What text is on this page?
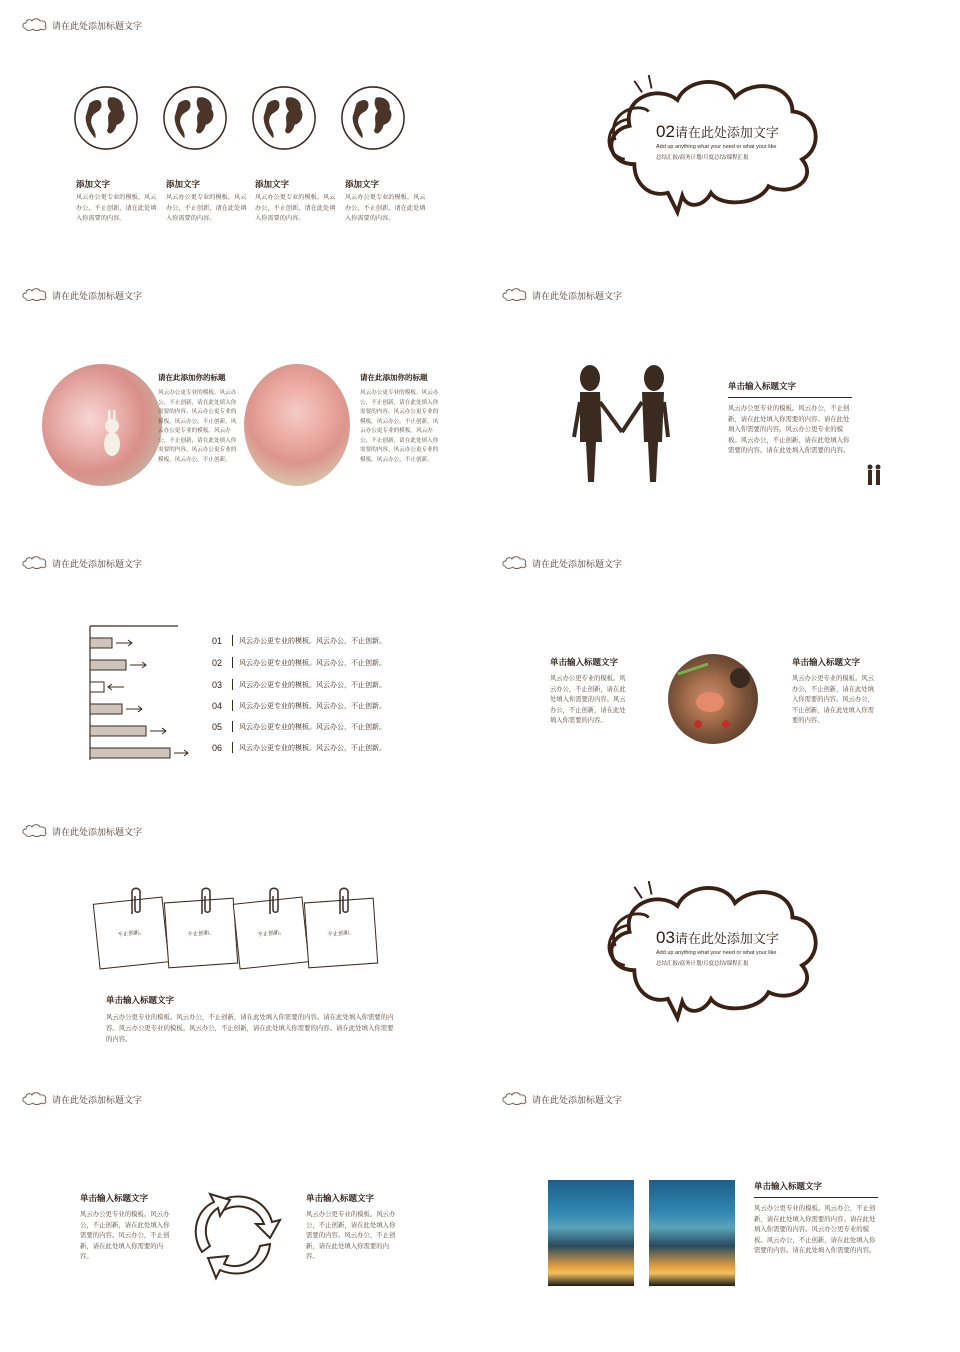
请在此处添加标题文字
添加文字
风云办公更专业的模板。风云办公，不止创新，请在此处填入你需要的内容。
添加文字
风云办公更专业的模板。风云办公，不止创新，请在此处填入你需要的内容。
添加文字
风云办公更专业的模板。风云办公，不止创新，请在此处填入你需要的内容。
添加文字
风云办公更专业的模板。风云办公，不止创新，请在此处填入你需要的内容。
02请在此处添加文字
Add up anything what your need or what your like
总结汇报/商务计划/月度总结/课程汇报
请在此处添加标题文字
请在此添加你的标题
风云办公更专业的模板。风云办公，不止创新，请在此处填入你需要的内容。风云办公更专业的模板。风云办公，不止创新，风云办公更专业的模板。风云办公，不止创新，请在此处填入你需要的内容。风云办公更专业的模板。风云办公，不止创新。
请在此添加你的标题
风云办公更专业的模板。风云办公，不止创新，请在此处填入你需要的内容。风云办公更专业的模板。风云办公，不止创新，风云办公更专业的模板。风云办公，不止创新，请在此处填入你需要的内容。风云办公更专业的模板。风云办公，不止创新。
请在此处添加标题文字
单击输入标题文字
风云办公更专业的模板。风云办公，不止创新，请在此处填入你需要的内容。请在此处填入你需要的内容。风云办公更专业的模板。风云办公，不止创新，请在此处填入你需要的内容。请在此处填入你需要的内容。
请在此处添加标题文字
01	风云办公更专业的模板。风云办公，不止创新。
02	风云办公更专业的模板。风云办公，不止创新。
03	风云办公更专业的模板。风云办公，不止创新。
04	风云办公更专业的模板。风云办公，不止创新。
05	风云办公更专业的模板。风云办公，不止创新。
06	风云办公更专业的模板。风云办公，不止创新。
请在此处添加标题文字
单击输入标题文字
风云办公更专业的模板。风云办公，不止创新，请在此处填入你需要的内容。风云办公，不止创新，请在此处填入你需要的内容。
单击输入标题文字
风云办公更专业的模板。风云办公，不止创新，请在此处填入你需要的内容。风云办公，不止创新，请在此处填入你需要的内容。
请在此处添加标题文字
不止创新。	不止创新。	不止创新。	不止创新。
单击输入标题文字
风云办公更专业的模板。风云办公，不止创新，请在此处填入你需要的内容。请在此处填入你需要的内容。风云办公更专业的模板。风云办公，不止创新，请在此处填入你需要的内容。请在此处填入你需要的内容。
03请在此处添加文字
Add up anything what your need or what your like
总结汇报/商务计划/月度总结/课程汇报
请在此处添加标题文字
单击输入标题文字
风云办公更专业的模板。风云办公，不止创新，请在此处填入你需要的内容。风云办公，不止创新，请在此处填入你需要的内容。
单击输入标题文字
风云办公更专业的模板。风云办公，不止创新，请在此处填入你需要的内容。风云办公，不止创新，请在此处填入你需要的内容。
请在此处添加标题文字
单击输入标题文字
风云办公更专业的模板。风云办公，不止创新，请在此处填入你需要的内容。请在此处填入你需要的内容。风云办公更专业的模板。风云办公，不止创新，请在此处填入你需要的内容。请在此处填入你需要的内容。
